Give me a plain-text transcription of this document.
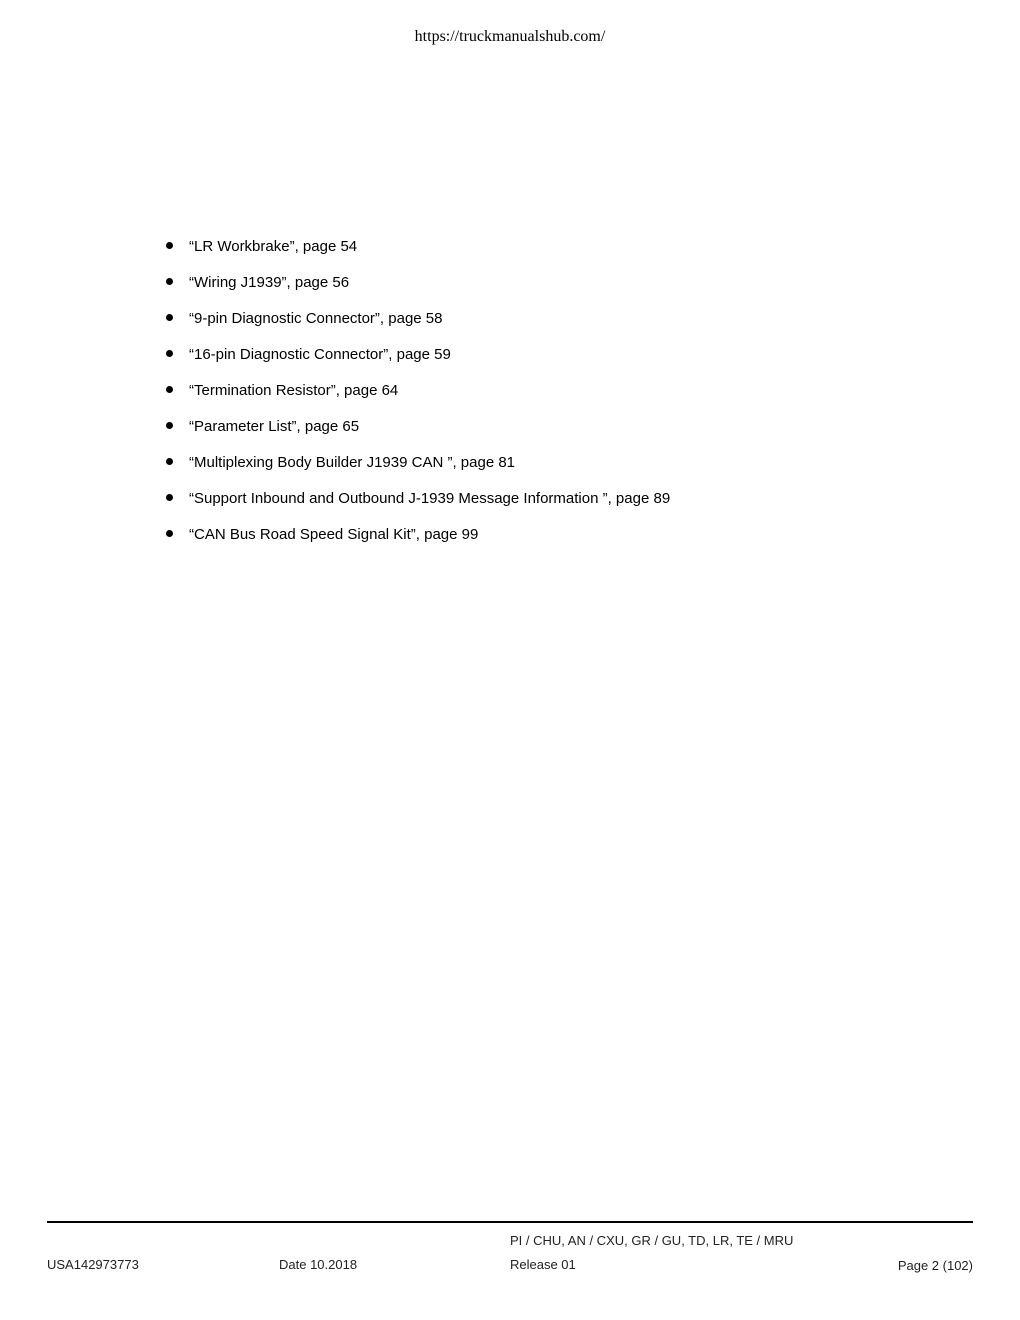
https://truckmanualshub.com/
“LR Workbrake”, page 54
“Wiring J1939”, page 56
“9-pin Diagnostic Connector”, page 58
“16-pin Diagnostic Connector”, page 59
“Termination Resistor”, page 64
“Parameter List”, page 65
“Multiplexing Body Builder J1939 CAN ”, page 81
“Support Inbound and Outbound J-1939 Message Information ”, page 89
“CAN Bus Road Speed Signal Kit”, page 99
USA142973773	Date 10.2018
PI / CHU, AN / CXU, GR / GU, TD, LR, TE / MRU
Release 01	Page 2 (102)
